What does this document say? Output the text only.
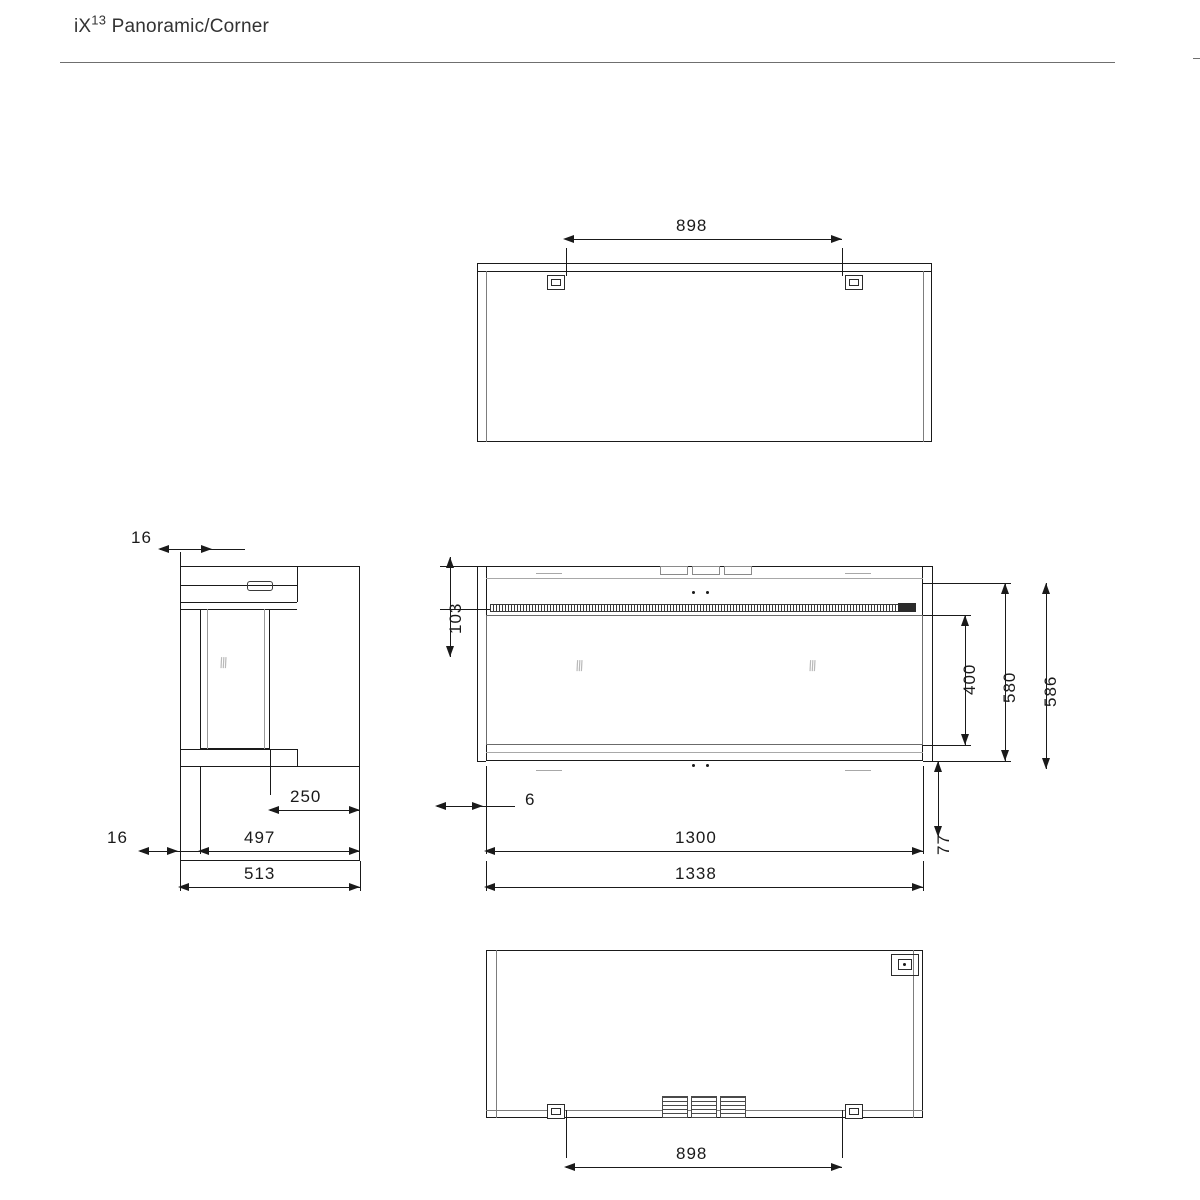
$iX^{13}$ Panoramic/Corner
898
16
\\\
250
16	497
513
\\\	\\\
103
6
400 580 586
77
1300
1338
898
